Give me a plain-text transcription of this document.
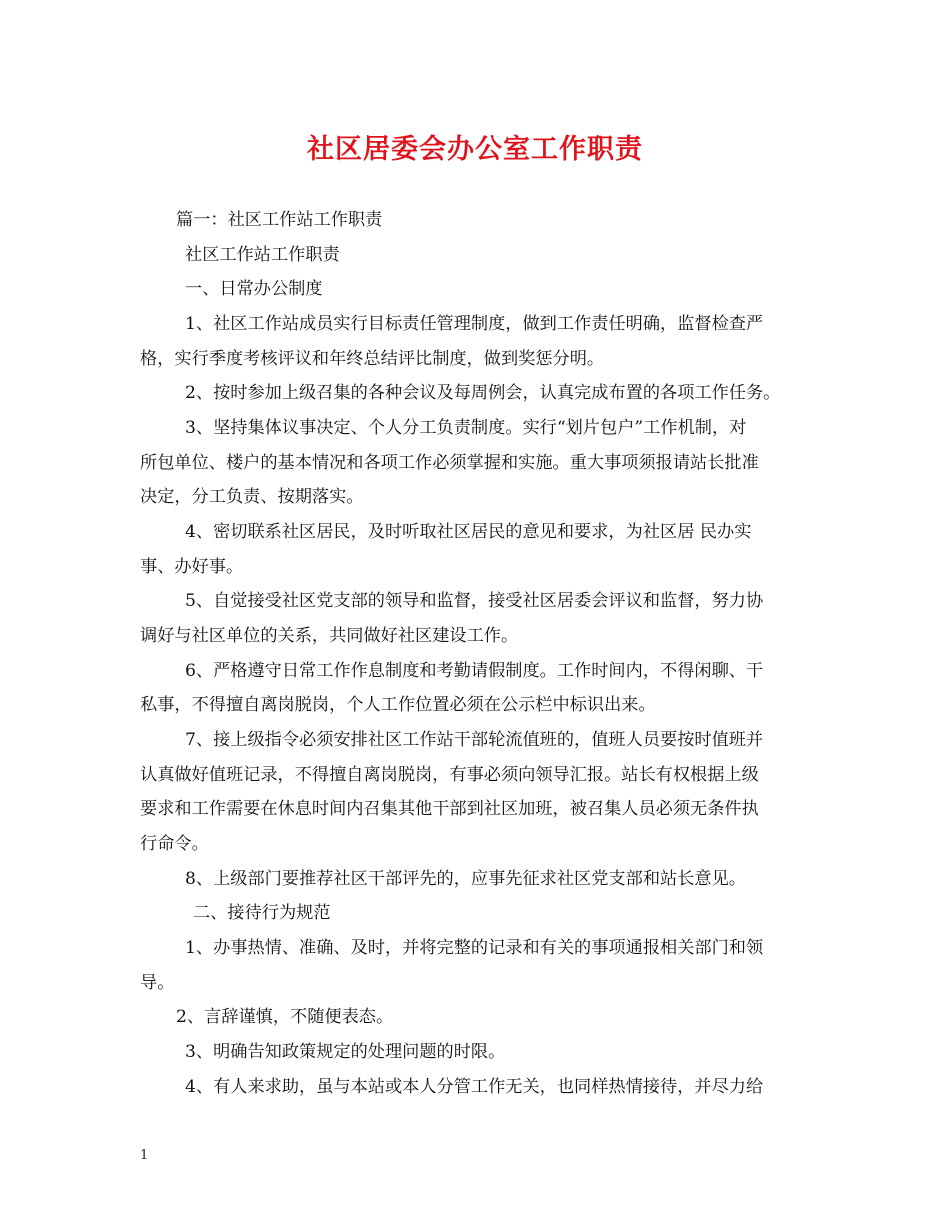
社区居委会办公室工作职责
篇一：社区工作站工作职责
社区工作站工作职责
一、日常办公制度
1、社区工作站成员实行目标责任管理制度，做到工作责任明确，监督检查严
格，实行季度考核评议和年终总结评比制度，做到奖惩分明。
2、按时参加上级召集的各种会议及每周例会，认真完成布置的各项工作任务。
3、坚持集体议事决定、个人分工负责制度。实行“划片包户”工作机制，对
所包单位、楼户的基本情况和各项工作必须掌握和实施。重大事项须报请站长批准
决定，分工负责、按期落实。
4、密切联系社区居民，及时听取社区居民的意见和要求，为社区居 民办实
事、办好事。
5、自觉接受社区党支部的领导和监督，接受社区居委会评议和监督，努力协
调好与社区单位的关系，共同做好社区建设工作。
6、严格遵守日常工作作息制度和考勤请假制度。工作时间内，不得闲聊、干
私事，不得擅自离岗脱岗，个人工作位置必须在公示栏中标识出来。
7、接上级指令必须安排社区工作站干部轮流值班的，值班人员要按时值班并
认真做好值班记录，不得擅自离岗脱岗，有事必须向领导汇报。站长有权根据上级
要求和工作需要在休息时间内召集其他干部到社区加班，被召集人员必须无条件执
行命令。
8、上级部门要推荐社区干部评先的，应事先征求社区党支部和站长意见。
二、接待行为规范
1、办事热情、准确、及时，并将完整的记录和有关的事项通报相关部门和领
导。
2、言辞谨慎，不随便表态。
3、明确告知政策规定的处理问题的时限。
4、有人来求助，虽与本站或本人分管工作无关，也同样热情接待，并尽力给
1
